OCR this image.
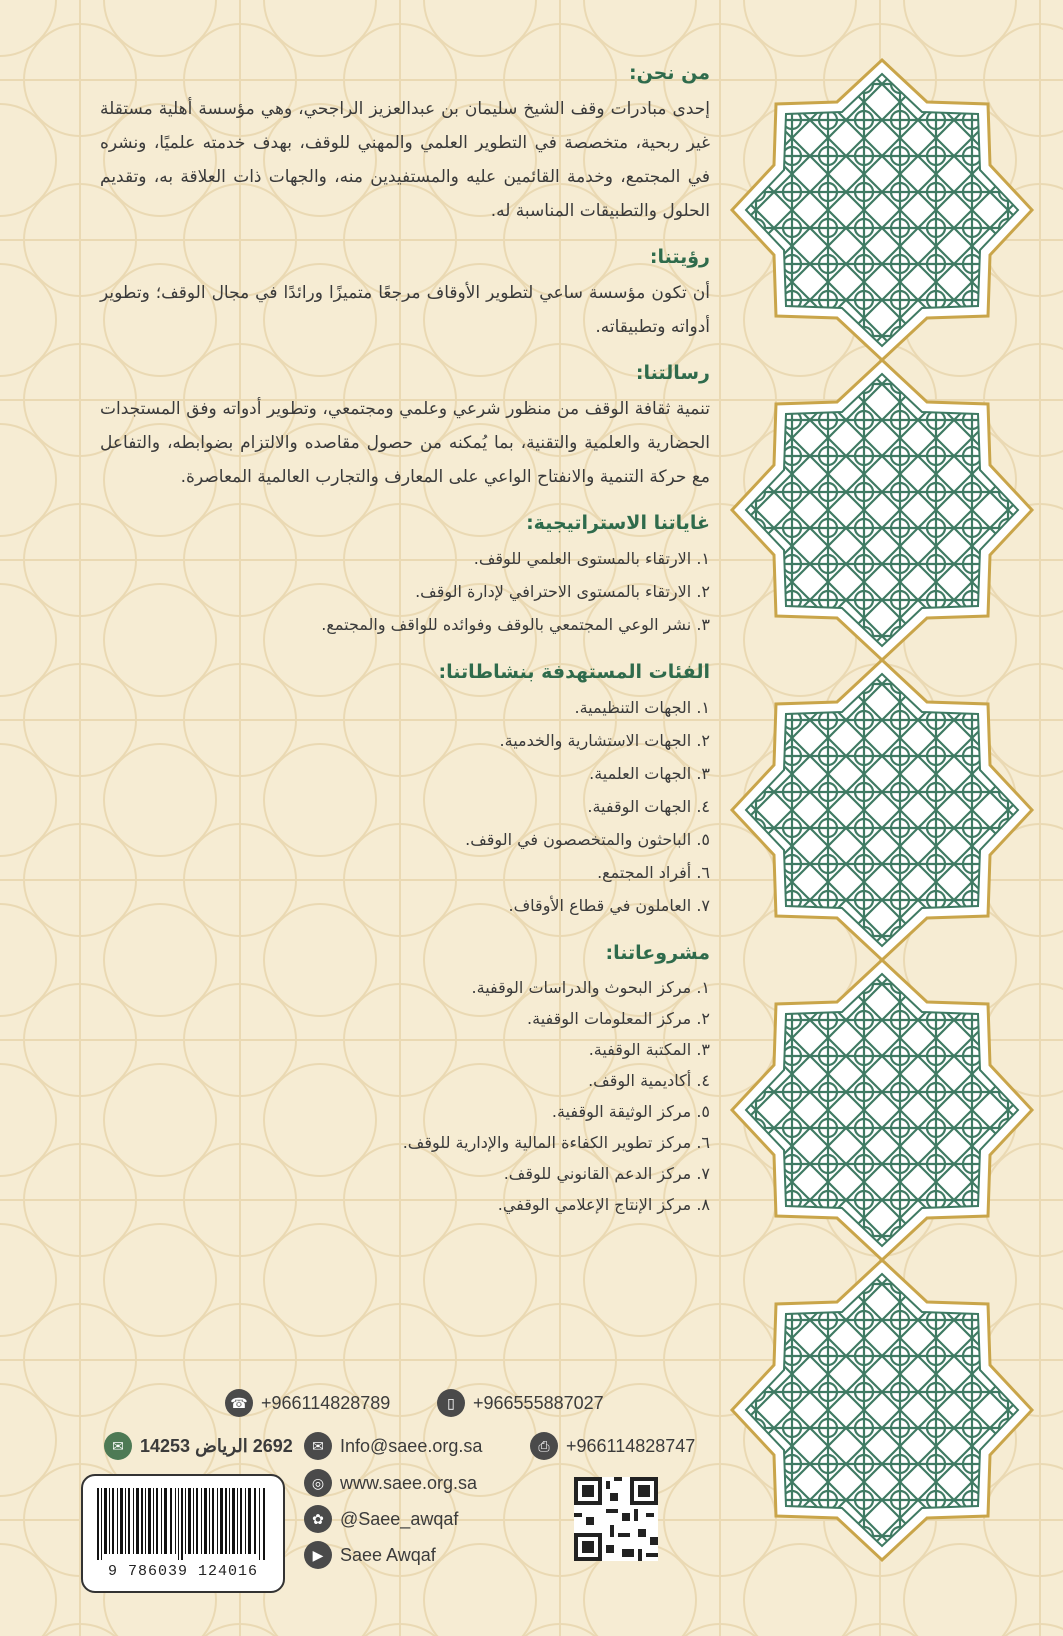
من نحن:

إحدى مبادرات وقف الشيخ سليمان بن عبدالعزيز الراجحي، وهي مؤسسة أهلية مستقلة غير ربحية، متخصصة في التطوير العلمي والمهني للوقف، بهدف خدمته علميًا، ونشره في المجتمع، وخدمة القائمين عليه والمستفيدين منه، والجهات ذات العلاقة به، وتقديم الحلول والتطبيقات المناسبة له.

رؤيتنا:

أن تكون مؤسسة ساعي لتطوير الأوقاف مرجعًا متميزًا ورائدًا في مجال الوقف؛ وتطوير أدواته وتطبيقاته.

رسالتنا:

تنمية ثقافة الوقف من منظور شرعي وعلمي ومجتمعي، وتطوير أدواته وفق المستجدات الحضارية والعلمية والتقنية، بما يُمكنه من حصول مقاصده والالتزام بضوابطه، والتفاعل مع حركة التنمية والانفتاح الواعي على المعارف والتجارب العالمية المعاصرة.

غاياتنا الاستراتيجية:
١. الارتقاء بالمستوى العلمي للوقف.
٢. الارتقاء بالمستوى الاحترافي لإدارة الوقف.
٣. نشر الوعي المجتمعي بالوقف وفوائده للواقف والمجتمع.
الفئات المستهدفة بنشاطاتنا:
١. الجهات التنظيمية.
٢. الجهات الاستشارية والخدمية.
٣. الجهات العلمية.
٤. الجهات الوقفية.
٥. الباحثون والمتخصصون في الوقف.
٦. أفراد المجتمع.
٧. العاملون في قطاع الأوقاف.
مشروعاتنا:
١. مركز البحوث والدراسات الوقفية.
٢. مركز المعلومات الوقفية.
٣. المكتبة الوقفية.
٤. أكاديمية الوقف.
٥. مركز الوثيقة الوقفية.
٦. مركز تطوير الكفاءة المالية والإدارية للوقف.
٧. مركز الدعم القانوني للوقف.
٨. مركز الإنتاج الإعلامي الوقفي.
☎ +966114828789	▯	+966555887027
✉ 2692 الرياض 14253	✉ Info@saee.org.sa	⎙ +966114828747
◎ www.saee.org.sa
✿ @Saee_awqaf
▶ Saee Awqaf
9 786039 124016
